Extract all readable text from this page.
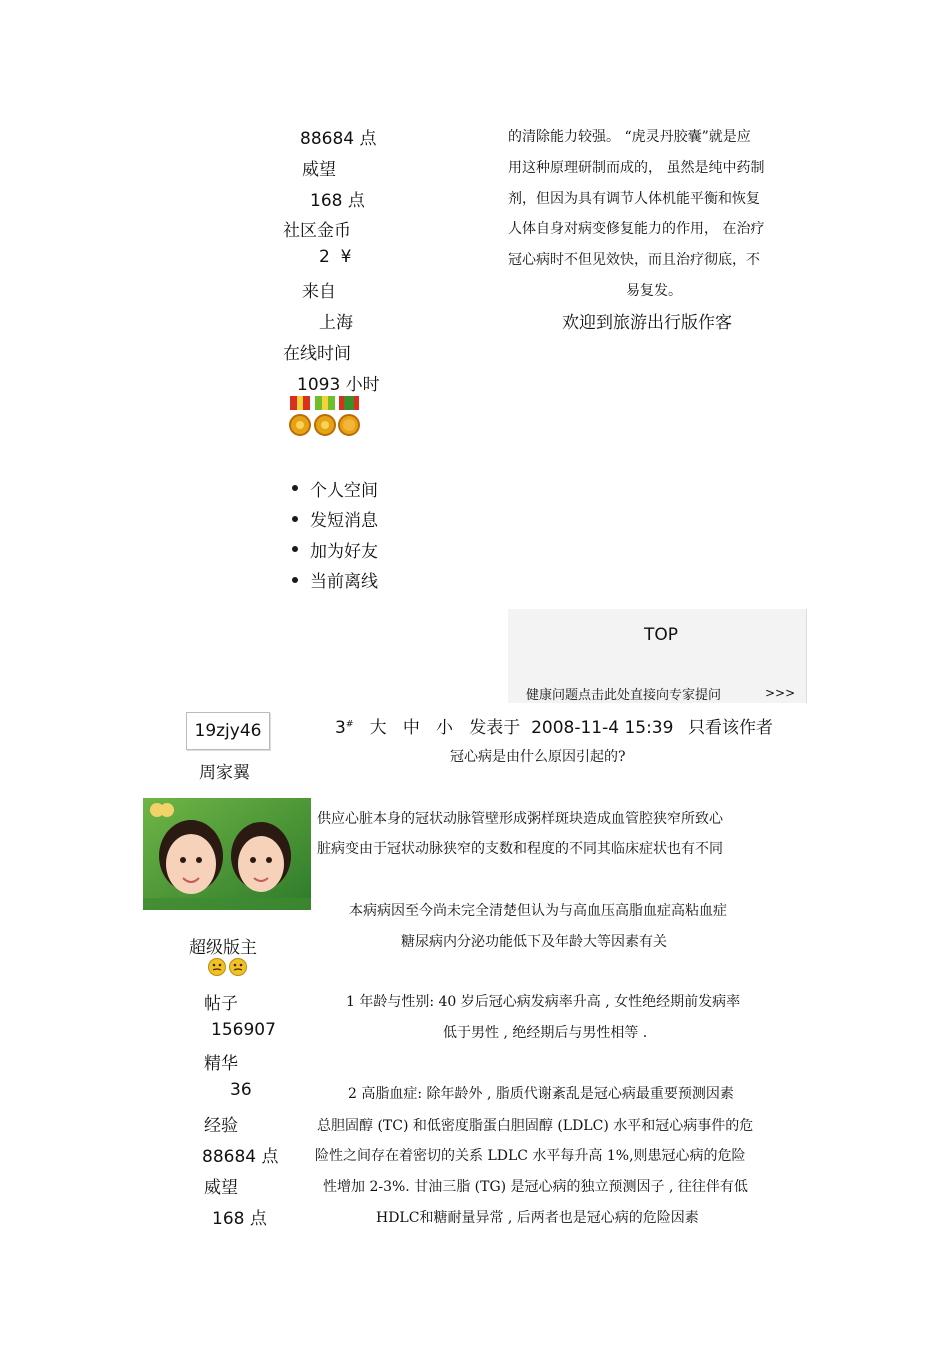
88684 点
威望
168 点
社区金币
2 ¥
来自
上海
在线时间
1093 小时
个人空间
发短消息
加为好友
当前离线
的清除能力较强。 “虎灵丹胶囊”就是应
用这种原理研制而成的， 虽然是纯中药制
剂，但因为具有调节人体机能平衡和恢复
人体自身对病变修复能力的作用， 在治疗
冠心病时不但见效快，而且治疗彻底，不
易复发。
欢迎到旅游出行版作客
TOP
健康问题点击此处直接向专家提问	>>>
19zjy46
周家翼
3# 大 中 小 发表于 2008-11-4 15:39 只看该作者
冠心病是由什么原因引起的?
供应心脏本身的冠状动脉管壁形成粥样斑块造成血管腔狭窄所致心
脏病变由于冠状动脉狭窄的支数和程度的不同其临床症状也有不同
本病病因至今尚未完全清楚但认为与高血压高脂血症高粘血症
糖尿病内分泌功能低下及年龄大等因素有关
1 年龄与性别: 40 岁后冠心病发病率升高 , 女性绝经期前发病率
低于男性 , 绝经期后与男性相等 .
2 高脂血症: 除年龄外 , 脂质代谢紊乱是冠心病最重要预测因素
总胆固醇 (TC) 和低密度脂蛋白胆固醇 (LDLC) 水平和冠心病事件的危
险性之间存在着密切的关系 LDLC 水平每升高 1%,则患冠心病的危险
性增加 2-3%. 甘油三脂 (TG) 是冠心病的独立预测因子 , 往往伴有低
HDLC和糖耐量异常 , 后两者也是冠心病的危险因素
超级版主
帖子
156907
精华
36
经验
88684 点
威望
168 点
